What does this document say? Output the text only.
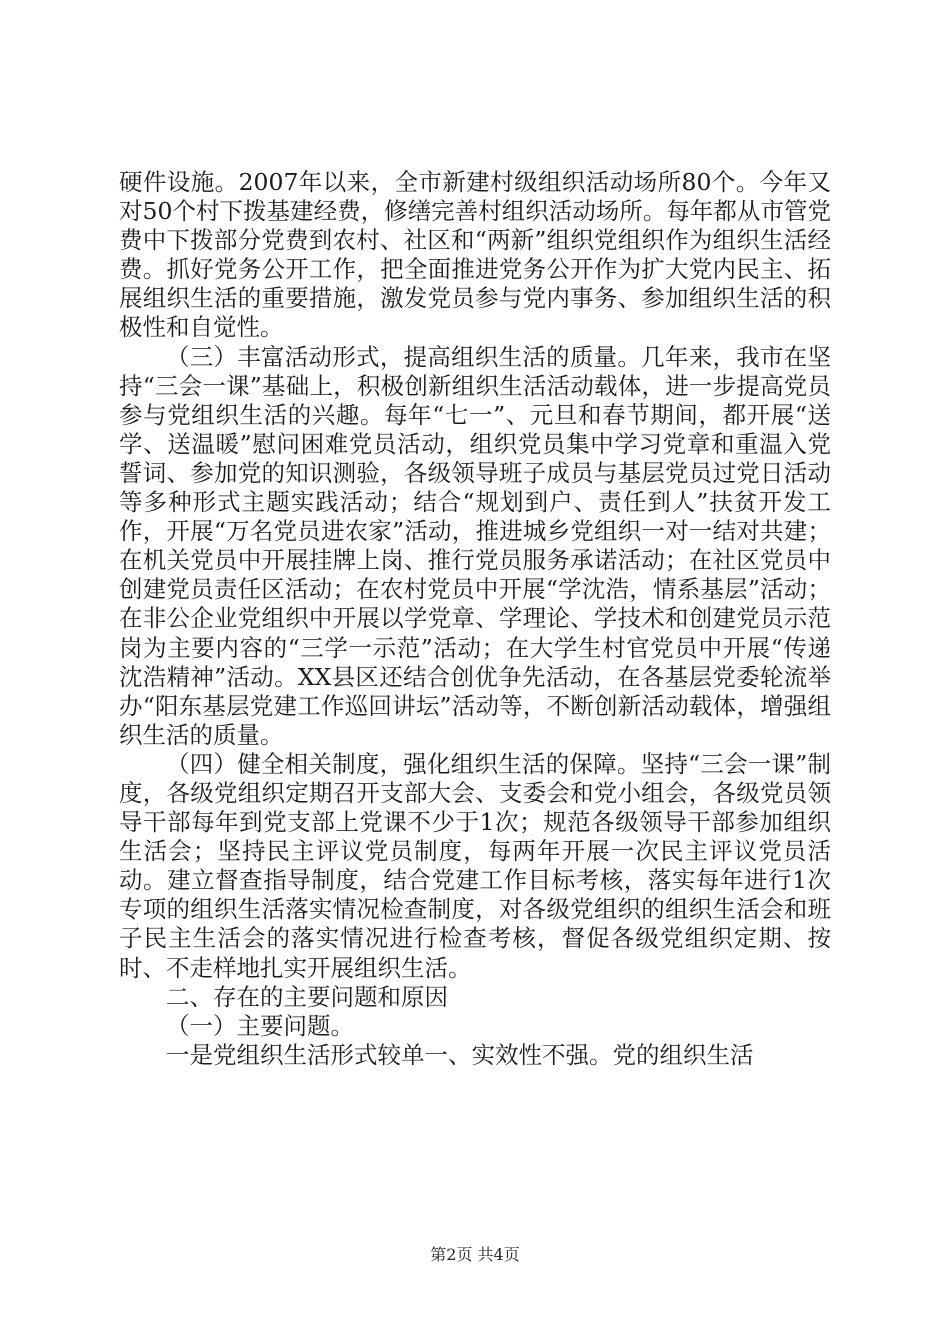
硬件设施。2007年以来，全市新建村级组织活动场所80个。今年又对50个村下拨基建经费，修缮完善村组织活动场所。每年都从市管党费中下拨部分党费到农村、社区和“两新”组织党组织作为组织生活经费。抓好党务公开工作，把全面推进党务公开作为扩大党内民主、拓展组织生活的重要措施，激发党员参与党内事务、参加组织生活的积极性和自觉性。

（三）丰富活动形式，提高组织生活的质量。几年来，我市在坚持“三会一课”基础上，积极创新组织生活活动载体，进一步提高党员参与党组织生活的兴趣。每年“七一”、元旦和春节期间，都开展“送学、送温暖”慰问困难党员活动，组织党员集中学习党章和重温入党誓词、参加党的知识测验，各级领导班子成员与基层党员过党日活动等多种形式主题实践活动；结合“规划到户、责任到人”扶贫开发工作，开展“万名党员进农家”活动，推进城乡党组织一对一结对共建；在机关党员中开展挂牌上岗、推行党员服务承诺活动；在社区党员中创建党员责任区活动；在农村党员中开展“学沈浩，情系基层”活动；在非公企业党组织中开展以学党章、学理论、学技术和创建党员示范岗为主要内容的“三学一示范”活动；在大学生村官党员中开展“传递沈浩精神”活动。XX县区还结合创优争先活动，在各基层党委轮流举办“阳东基层党建工作巡回讲坛”活动等，不断创新活动载体，增强组织生活的质量。

（四）健全相关制度，强化组织生活的保障。坚持“三会一课”制度，各级党组织定期召开支部大会、支委会和党小组会，各级党员领导干部每年到党支部上党课不少于1次；规范各级领导干部参加组织生活会；坚持民主评议党员制度，每两年开展一次民主评议党员活动。建立督查指导制度，结合党建工作目标考核，落实每年进行1次专项的组织生活落实情况检查制度，对各级党组织的组织生活会和班子民主生活会的落实情况进行检查考核，督促各级党组织定期、按时、不走样地扎实开展组织生活。

二、存在的主要问题和原因

（一）主要问题。

一是党组织生活形式较单一、实效性不强。党的组织生活

第2页 共4页
